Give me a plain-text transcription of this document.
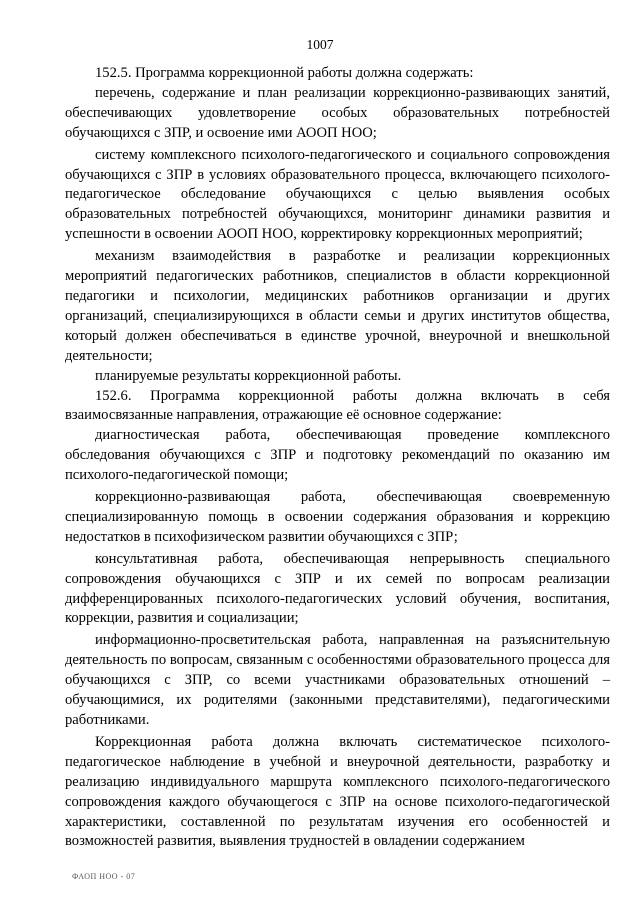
1007

152.5. Программа коррекционной работы должна содержать:

перечень, содержание и план реализации коррекционно-развивающих занятий, обеспечивающих удовлетворение особых образовательных потребностей обучающихся с ЗПР, и освоение ими АООП НОО;

систему комплексного психолого-педагогического и социального сопровождения обучающихся с ЗПР в условиях образовательного процесса, включающего психолого-педагогическое обследование обучающихся с целью выявления особых образовательных потребностей обучающихся, мониторинг динамики развития и успешности в освоении АООП НОО, корректировку коррекционных мероприятий;

механизм взаимодействия в разработке и реализации коррекционных мероприятий педагогических работников, специалистов в области коррекционной педагогики и психологии, медицинских работников организации и других организаций, специализирующихся в области семьи и других институтов общества, который должен обеспечиваться в единстве урочной, внеурочной и внешкольной деятельности;

планируемые результаты коррекционной работы.

152.6. Программа коррекционной работы должна включать в себя взаимосвязанные направления, отражающие её основное содержание:

диагностическая работа, обеспечивающая проведение комплексного обследования обучающихся с ЗПР и подготовку рекомендаций по оказанию им психолого-педагогической помощи;

коррекционно-развивающая работа, обеспечивающая своевременную специализированную помощь в освоении содержания образования и коррекцию недостатков в психофизическом развитии обучающихся с ЗПР;

консультативная работа, обеспечивающая непрерывность специального сопровождения обучающихся с ЗПР и их семей по вопросам реализации дифференцированных психолого-педагогических условий обучения, воспитания, коррекции, развития и социализации;

информационно-просветительская работа, направленная на разъяснительную деятельность по вопросам, связанным с особенностями образовательного процесса для обучающихся с ЗПР, со всеми участниками образовательных отношений – обучающимися, их родителями (законными представителями), педагогическими работниками.

Коррекционная работа должна включать систематическое психолого-педагогическое наблюдение в учебной и внеурочной деятельности, разработку и реализацию индивидуального маршрута комплексного психолого-педагогического сопровождения каждого обучающегося с ЗПР на основе психолого-педагогической характеристики, составленной по результатам изучения его особенностей и возможностей развития, выявления трудностей в овладении содержанием

ФАОП НОО - 07
